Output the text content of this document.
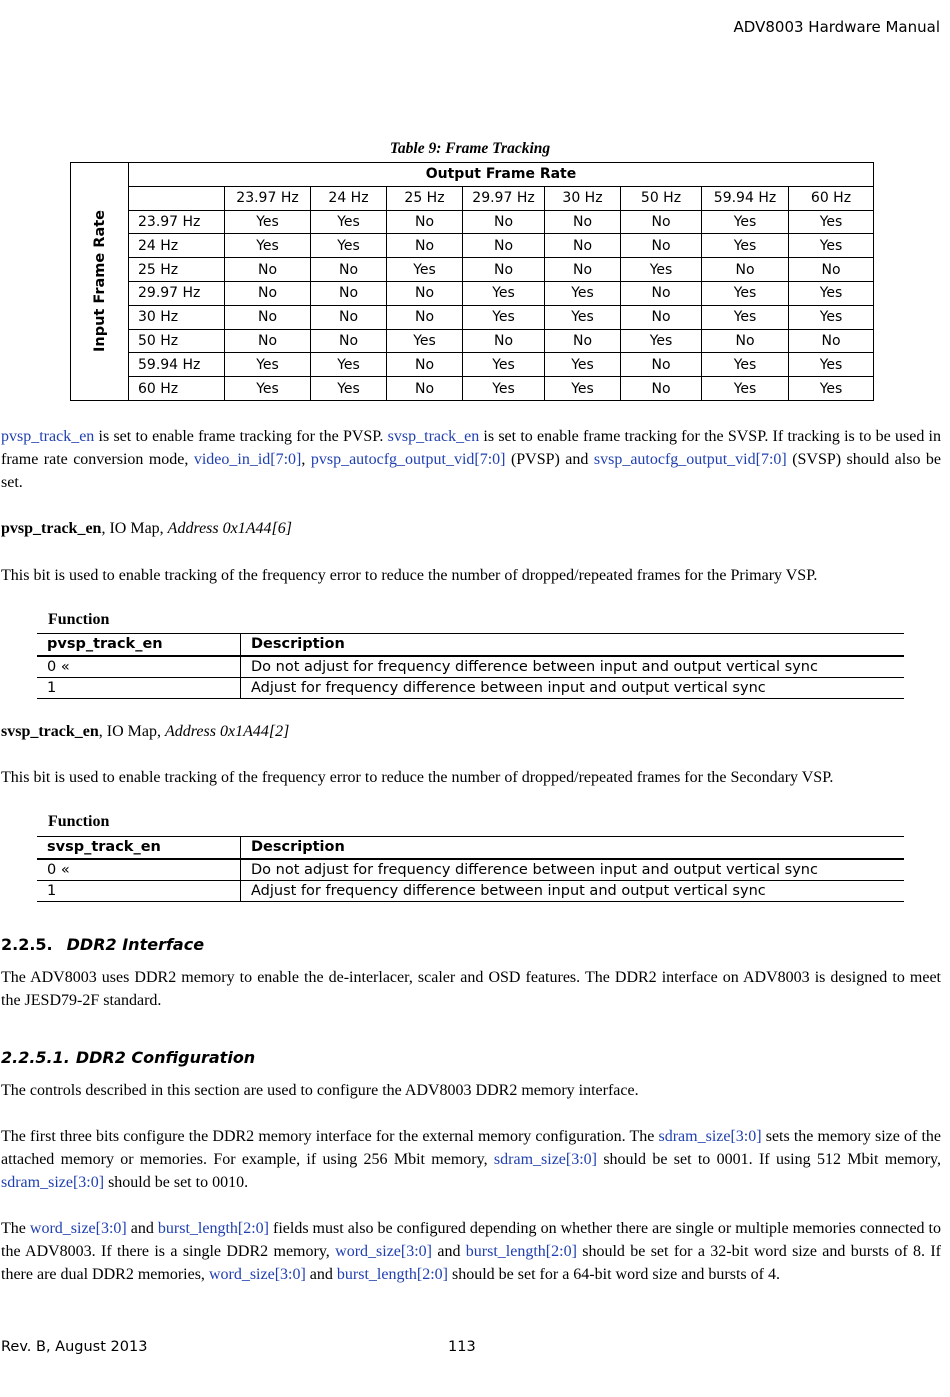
ADV8003 Hardware Manual
Table 9: Frame Tracking
Input Frame Rate	Output Frame Rate								
		23.97 Hz	24 Hz	25 Hz	29.97 Hz	30 Hz	50 Hz	59.94 Hz	60 Hz
	23.97 Hz	Yes	Yes	No	No	No	No	Yes	Yes
	24 Hz	Yes	Yes	No	No	No	No	Yes	Yes
	25 Hz	No	No	Yes	No	No	Yes	No	No
	29.97 Hz	No	No	No	Yes	Yes	No	Yes	Yes
	30 Hz	No	No	No	Yes	Yes	No	Yes	Yes
	50 Hz	No	No	Yes	No	No	Yes	No	No
	59.94 Hz	Yes	Yes	No	Yes	Yes	No	Yes	Yes
	60 Hz	Yes	Yes	No	Yes	Yes	No	Yes	Yes
pvsp_track_en is set to enable frame tracking for the PVSP. svsp_track_en is set to enable frame tracking for the SVSP. If tracking is to be used in frame rate conversion mode, video_in_id[7:0], pvsp_autocfg_output_vid[7:0] (PVSP) and svsp_autocfg_output_vid[7:0] (SVSP) should also be set.
pvsp_track_en, IO Map, Address 0x1A44[6]
This bit is used to enable tracking of the frequency error to reduce the number of dropped/repeated frames for the Primary VSP.
Function
pvsp_track_en	Description
0 «	Do not adjust for frequency difference between input and output vertical sync
1	Adjust for frequency difference between input and output vertical sync
svsp_track_en, IO Map, Address 0x1A44[2]
This bit is used to enable tracking of the frequency error to reduce the number of dropped/repeated frames for the Secondary VSP.
Function
svsp_track_en	Description
0 «	Do not adjust for frequency difference between input and output vertical sync
1	Adjust for frequency difference between input and output vertical sync
2.2.5. DDR2 Interface
The ADV8003 uses DDR2 memory to enable the de-interlacer, scaler and OSD features. The DDR2 interface on ADV8003 is designed to meet the JESD79-2F standard.
2.2.5.1. DDR2 Configuration
The controls described in this section are used to configure the ADV8003 DDR2 memory interface.
The first three bits configure the DDR2 memory interface for the external memory configuration. The sdram_size[3:0] sets the memory size of the attached memory or memories. For example, if using 256 Mbit memory, sdram_size[3:0] should be set to 0001. If using 512 Mbit memory, sdram_size[3:0] should be set to 0010.
The word_size[3:0] and burst_length[2:0] fields must also be configured depending on whether there are single or multiple memories connected to the ADV8003. If there is a single DDR2 memory, word_size[3:0] and burst_length[2:0] should be set for a 32-bit word size and bursts of 8. If there are dual DDR2 memories, word_size[3:0] and burst_length[2:0] should be set for a 64-bit word size and bursts of 4.
Rev. B, August 2013	113
